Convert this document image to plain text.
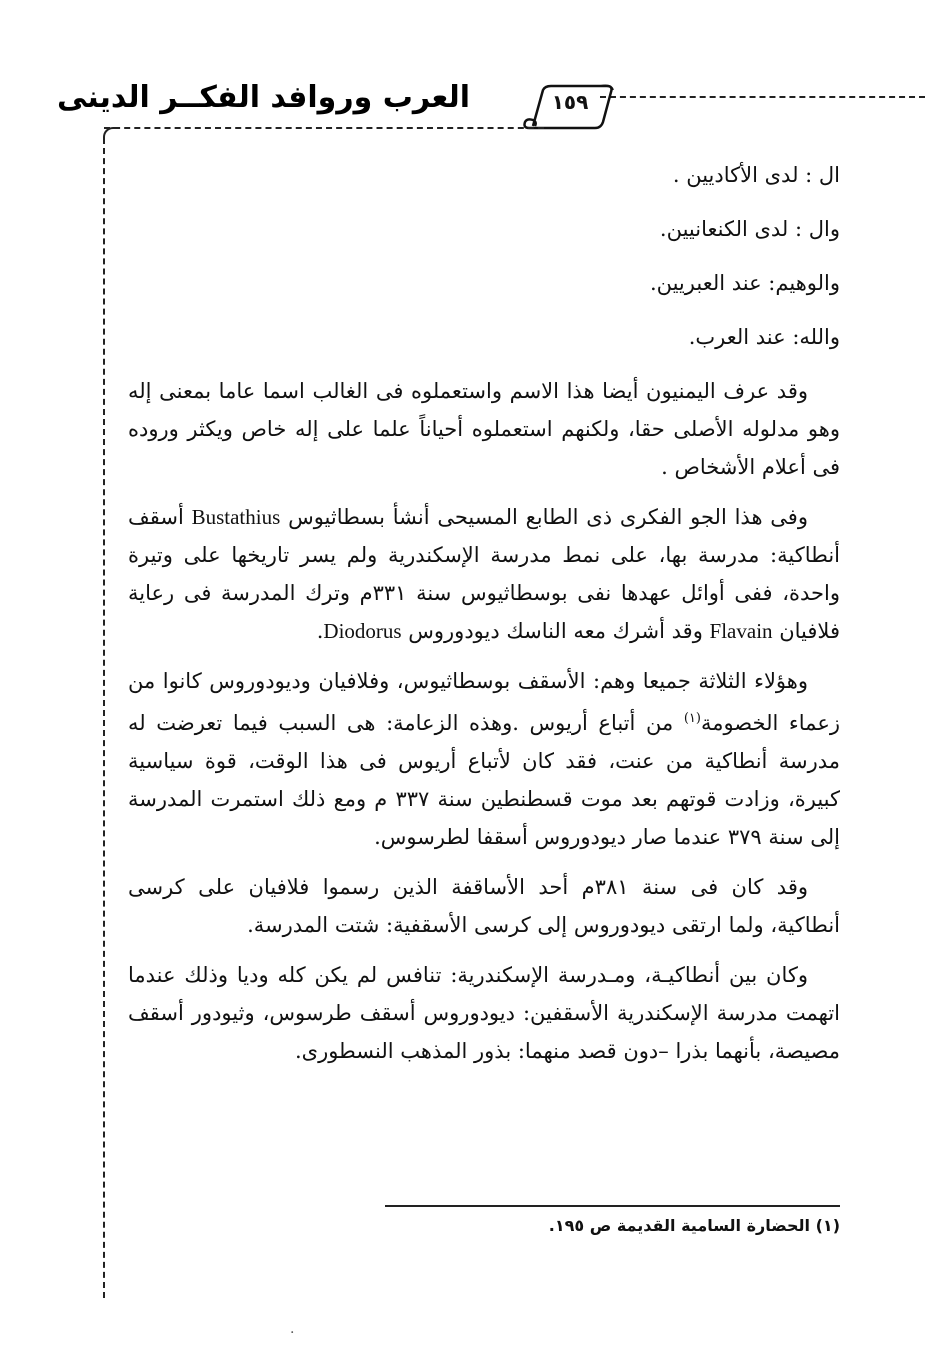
العرب وروافد الفكــر الدينى	١٥٩

ال : لدى الأكاديين .

وال : لدى الكنعانيين.

والوهيم: عند العبريين.

والله: عند العرب.

وقد عرف اليمنيون أيضا هذا الاسم واستعملوه فى الغالب اسما عاما بمعنى إله وهو مدلوله الأصلى حقا، ولكنهم استعملوه أحياناً علما على إله خاص ويكثر وروده فى أعلام الأشخاص .

وفى هذا الجو الفكرى ذى الطابع المسيحى أنشأ بسطاثيوس Bustathius أسقف أنطاكية: مدرسة بها، على نمط مدرسة الإسكندرية ولم يسر تاريخها على وتيرة واحدة، ففى أوائل عهدها نفى بوسطاثيوس سنة ٣٣١م وترك المدرسة فى رعاية فلافيان Flavain وقد أشرك معه الناسك ديودوروس Diodorus.

وهؤلاء الثلاثة جميعا وهم: الأسقف بوسطاثيوس، وفلافيان وديودوروس كانوا من زعماء الخصومة$^{(١)}$ من أتباع أريوس .وهذه الزعامة: هى السبب فيما تعرضت له مدرسة أنطاكية من عنت، فقد كان لأتباع أريوس فى هذا الوقت، قوة سياسية كبيرة، وزادت قوتهم بعد موت قسطنطين سنة ٣٣٧ م ومع ذلك استمرت المدرسة إلى سنة ٣٧٩ عندما صار ديودوروس أسقفا لطرسوس.

وقد كان فى سنة ٣٨١م أحد الأساقفة الذين رسموا فلافيان على كرسى أنطاكية، ولما ارتقى ديودوروس إلى كرسى الأسقفية: شتت المدرسة.

وكان بين أنطاكيـة، ومـدرسة الإسكندرية: تنافس لم يكن كله وديا وذلك عندما اتهمت مدرسة الإسكندرية الأسقفين: ديودوروس أسقف طرسوس، وثيودور أسقف مصيصة، بأنهما بذرا –دون قصد منهما: بذور المذهب النسطورى.

(١) الحضارة السامية القديمة ص ١٩٥.
·
